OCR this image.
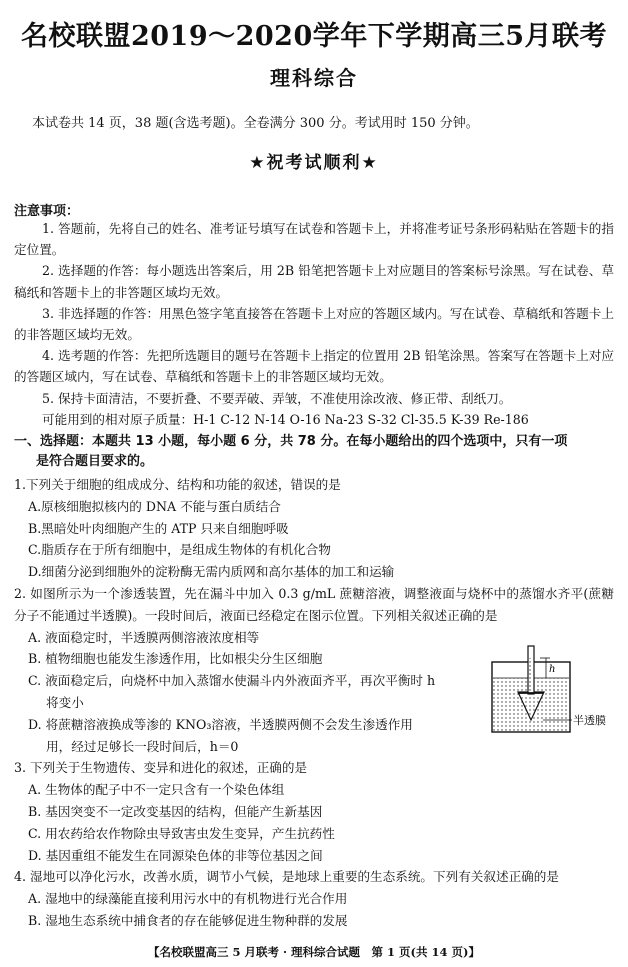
名校联盟2019～2020学年下学期高三5月联考
理科综合
本试卷共 14 页，38 题(含选考题)。全卷满分 300 分。考试用时 150 分钟。
★祝考试顺利★
注意事项：

1. 答题前，先将自己的姓名、准考证号填写在试卷和答题卡上，并将准考证号条形码粘贴在答题卡的指定位置。

2. 选择题的作答：每小题选出答案后，用 2B 铅笔把答题卡上对应题目的答案标号涂黑。写在试卷、草稿纸和答题卡上的非答题区域均无效。

3. 非选择题的作答：用黑色签字笔直接答在答题卡上对应的答题区域内。写在试卷、草稿纸和答题卡上的非答题区域均无效。

4. 选考题的作答：先把所选题目的题号在答题卡上指定的位置用 2B 铅笔涂黑。答案写在答题卡上对应的答题区域内，写在试卷、草稿纸和答题卡上的非答题区域均无效。

5. 保持卡面清洁，不要折叠、不要弄破、弄皱，不准使用涂改液、修正带、刮纸刀。

可能用到的相对原子质量：H-1 C-12 N-14 O-16 Na-23 S-32 Cl-35.5 K-39 Re-186

一、选择题：本题共 13 小题，每小题 6 分，共 78 分。在每小题给出的四个选项中，只有一项
是符合题目要求的。

1.下列关于细胞的组成成分、结构和功能的叙述，错误的是

A.原核细胞拟核内的 DNA 不能与蛋白质结合

B.黑暗处叶肉细胞产生的 ATP 只来自细胞呼吸

C.脂质存在于所有细胞中，是组成生物体的有机化合物

D.细菌分泌到细胞外的淀粉酶无需内质网和高尔基体的加工和运输

2. 如图所示为一个渗透装置，先在漏斗中加入 0.3 g/mL 蔗糖溶液，调整液面与烧杯中的蒸馏水齐平(蔗糖分子不能通过半透膜)。一段时间后，液面已经稳定在图示位置。下列相关叙述正确的是

A. 液面稳定时，半透膜两侧溶液浓度相等

B. 植物细胞也能发生渗透作用，比如根尖分生区细胞

C. 液面稳定后，向烧杯中加入蒸馏水使漏斗内外液面齐平，再次平衡时 h

将变小

D. 将蔗糖溶液换成等渗的 KNO₃溶液，半透膜两侧不会发生渗透作用

用，经过足够长一段时间后，h＝0

3. 下列关于生物遗传、变异和进化的叙述，正确的是

A. 生物体的配子中不一定只含有一个染色体组

B. 基因突变不一定改变基因的结构，但能产生新基因

C. 用农药给农作物除虫导致害虫发生变异，产生抗药性

D. 基因重组不能发生在同源染色体的非等位基因之间

4. 湿地可以净化污水，改善水质，调节小气候，是地球上重要的生态系统。下列有关叙述正确的是

A. 湿地中的绿藻能直接利用污水中的有机物进行光合作用

B. 湿地生态系统中捕食者的存在能够促进生物种群的发展

h
半透膜
【名校联盟高三 5 月联考 · 理科综合试题　第 1 页(共 14 页)】
